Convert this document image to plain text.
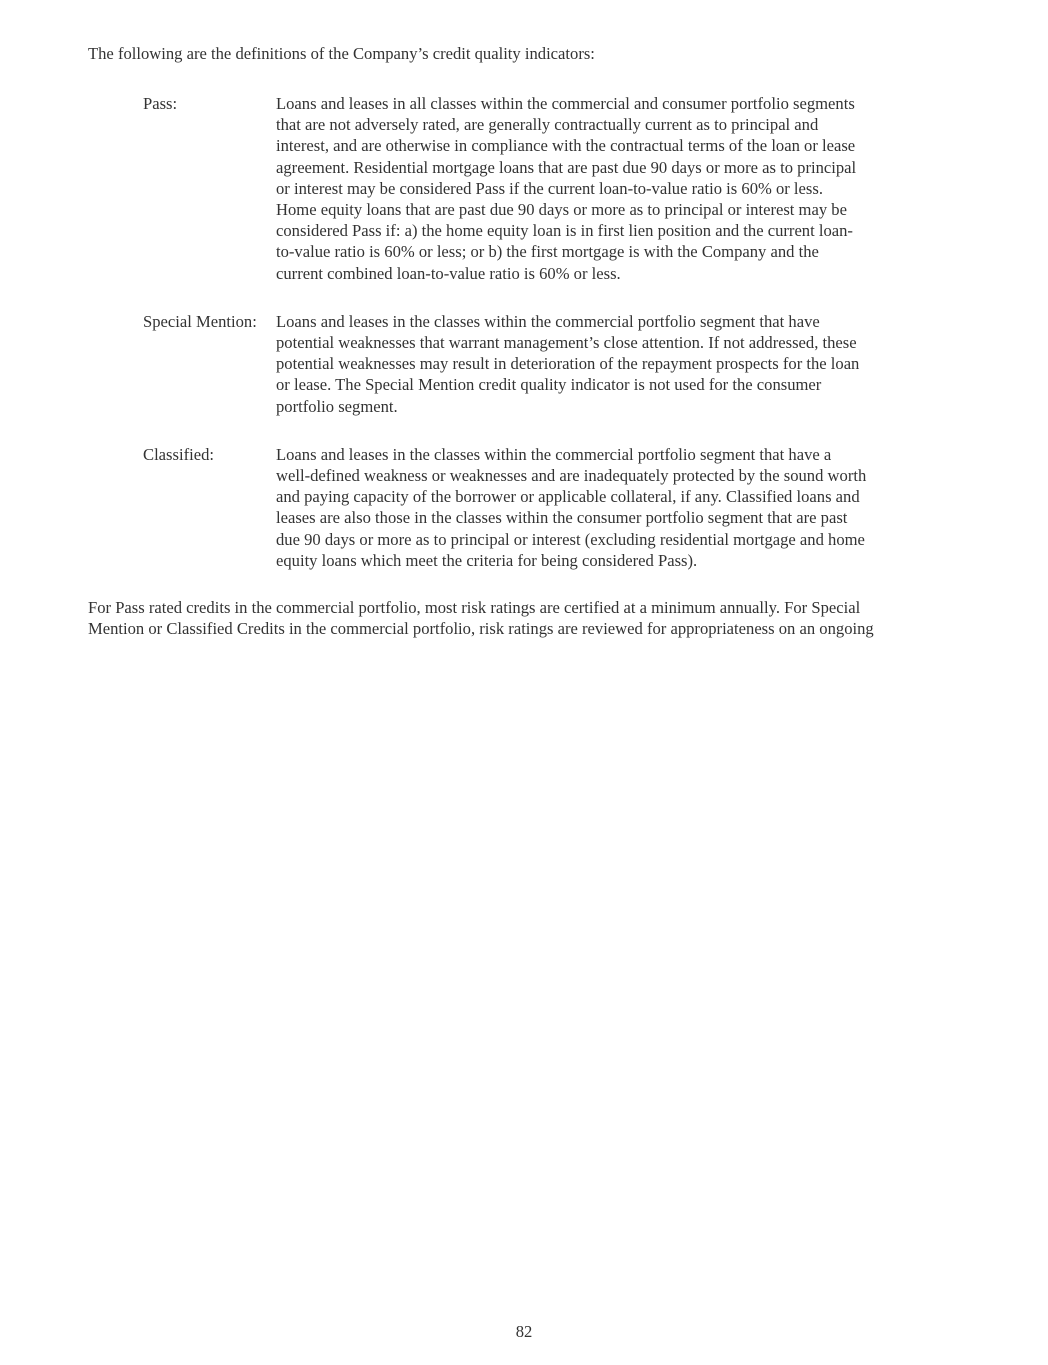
The following are the definitions of the Company’s credit quality indicators:

Pass:	Loans and leases in all classes within the commercial and consumer portfolio segments
that are not adversely rated, are generally contractually current as to principal and
interest, and are otherwise in compliance with the contractual terms of the loan or lease
agreement. Residential mortgage loans that are past due 90 days or more as to principal
or interest may be considered Pass if the current loan-to-value ratio is 60% or less.
Home equity loans that are past due 90 days or more as to principal or interest may be
considered Pass if: a) the home equity loan is in first lien position and the current loan-
to-value ratio is 60% or less; or b) the first mortgage is with the Company and the
current combined loan-to-value ratio is 60% or less.
Special Mention:	Loans and leases in the classes within the commercial portfolio segment that have
potential weaknesses that warrant management’s close attention. If not addressed, these
potential weaknesses may result in deterioration of the repayment prospects for the loan
or lease. The Special Mention credit quality indicator is not used for the consumer
portfolio segment.
Classified:	Loans and leases in the classes within the commercial portfolio segment that have a
well-defined weakness or weaknesses and are inadequately protected by the sound worth
and paying capacity of the borrower or applicable collateral, if any. Classified loans and
leases are also those in the classes within the consumer portfolio segment that are past
due 90 days or more as to principal or interest (excluding residential mortgage and home
equity loans which meet the criteria for being considered Pass).

For Pass rated credits in the commercial portfolio, most risk ratings are certified at a minimum annually. For Special
Mention or Classified Credits in the commercial portfolio, risk ratings are reviewed for appropriateness on an ongoing

82
